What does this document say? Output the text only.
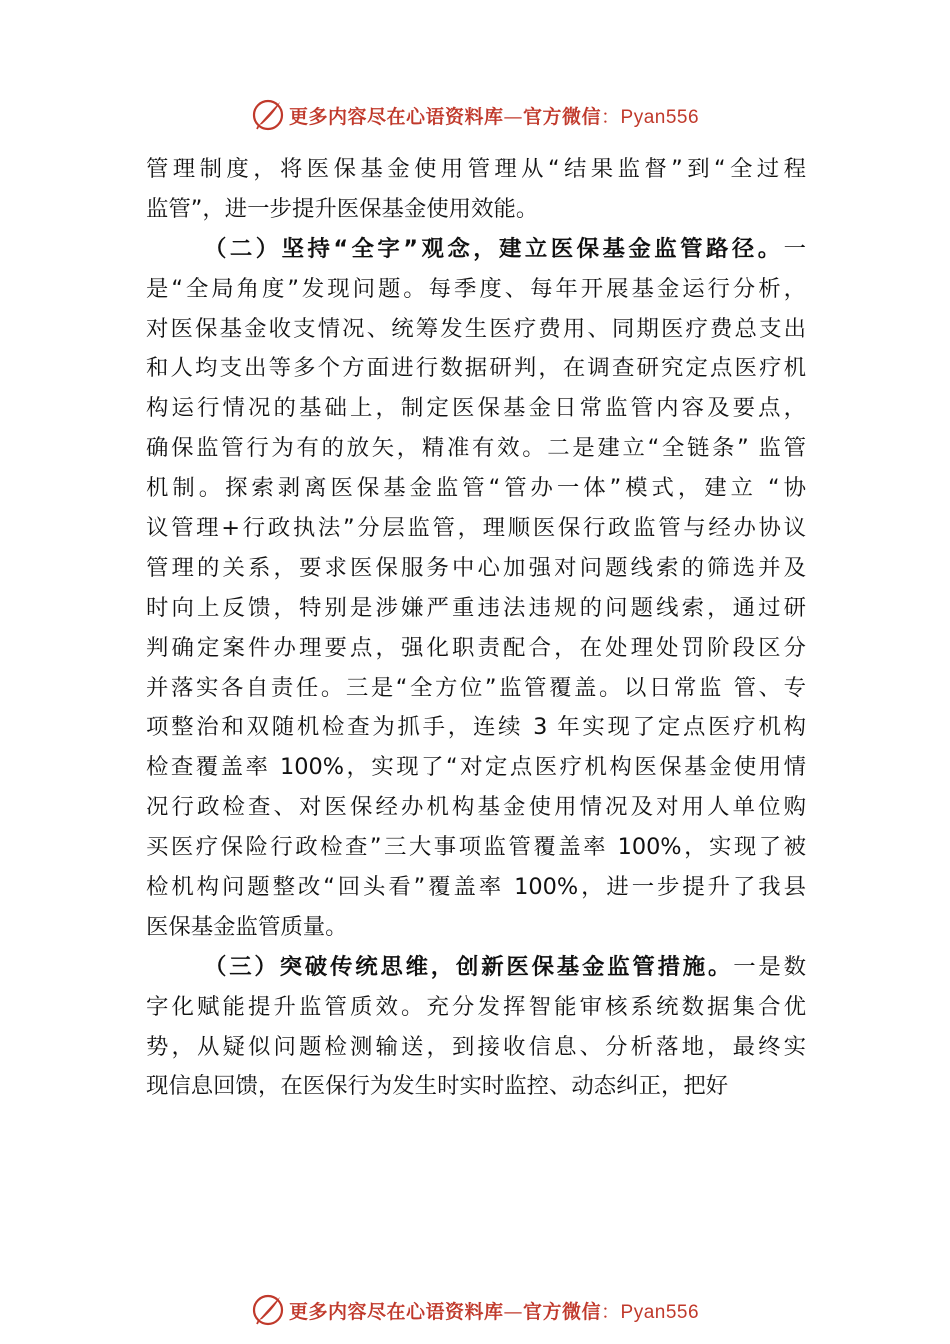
更多内容尽在心语资料库—官方微信：Pyan556
管理制度，将医保基金使用管理从“结果监督”到“全过程
监管”，进一步提升医保基金使用效能。
（二）坚持“全字”观念，建立医保基金监管路径。一
是“全局角度”发现问题。每季度、每年开展基金运行分析，
对医保基金收支情况、统筹发生医疗费用、同期医疗费总支出
和人均支出等多个方面进行数据研判，在调查研究定点医疗机
构运行情况的基础上，制定医保基金日常监管内容及要点，
确保监管行为有的放矢，精准有效。二是建立“全链条” 监管
机制。探索剥离医保基金监管“管办一体”模式，建立 “协
议管理+行政执法”分层监管，理顺医保行政监管与经办协议
管理的关系，要求医保服务中心加强对问题线索的筛选并及
时向上反馈，特别是涉嫌严重违法违规的问题线索，通过研
判确定案件办理要点，强化职责配合，在处理处罚阶段区分
并落实各自责任。三是“全方位”监管覆盖。以日常监 管、专
项整治和双随机检查为抓手，连续 3 年实现了定点医疗机构
检查覆盖率 100%，实现了“对定点医疗机构医保基金使用情
况行政检查、对医保经办机构基金使用情况及对用人单位购
买医疗保险行政检查”三大事项监管覆盖率 100%，实现了被
检机构问题整改“回头看”覆盖率 100%，进一步提升了我县
医保基金监管质量。
（三）突破传统思维，创新医保基金监管措施。一是数
字化赋能提升监管质效。充分发挥智能审核系统数据集合优
势，从疑似问题检测输送，到接收信息、分析落地，最终实
现信息回馈，在医保行为发生时实时监控、动态纠正，把好
更多内容尽在心语资料库—官方微信：Pyan556
